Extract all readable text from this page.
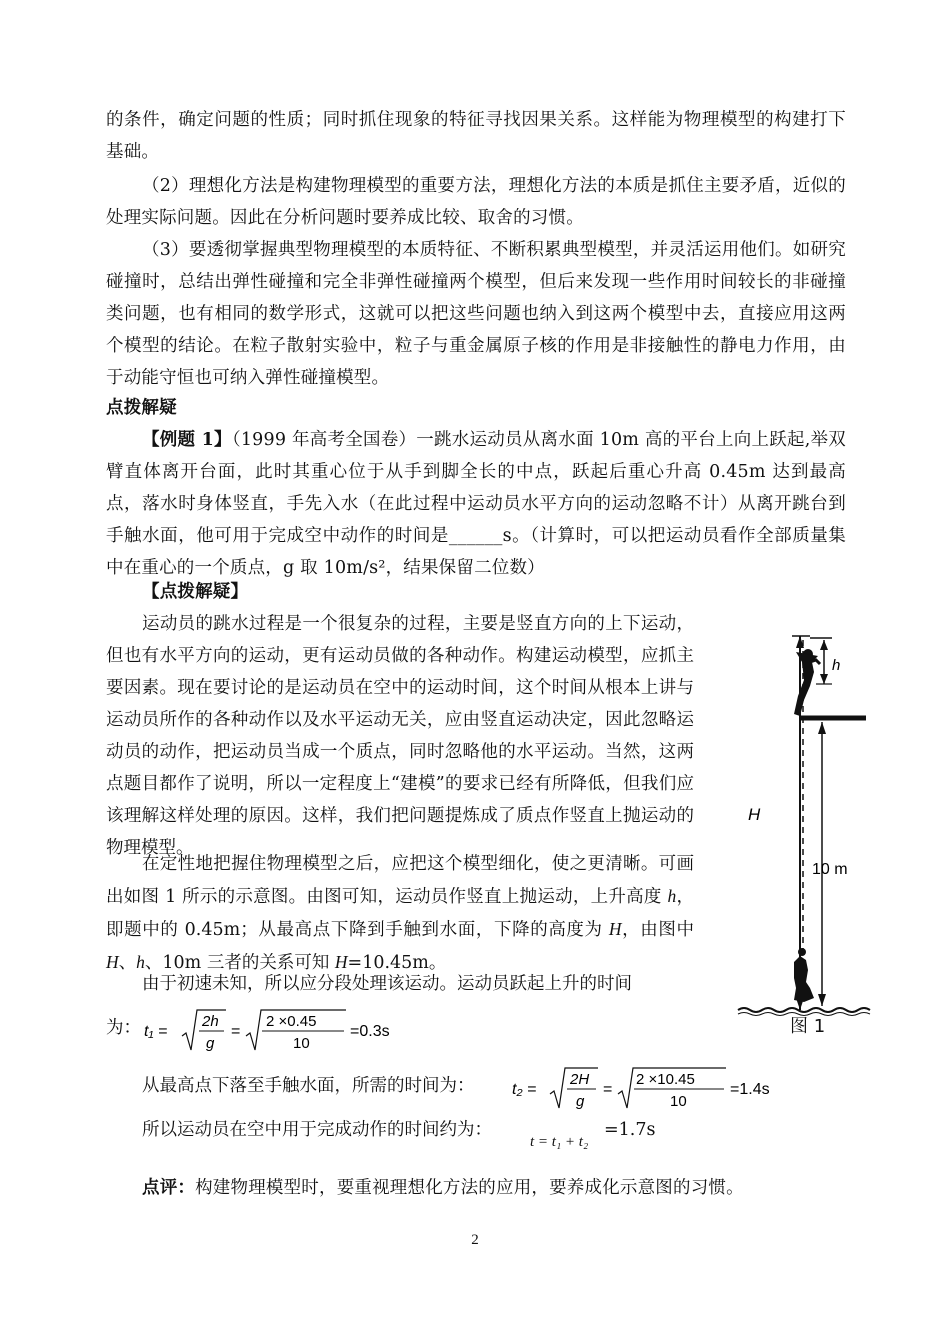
的条件，确定问题的性质；同时抓住现象的特征寻找因果关系。这样能为物理模型的构建打下基础。

（2）理想化方法是构建物理模型的重要方法，理想化方法的本质是抓住主要矛盾，近似的处理实际问题。因此在分析问题时要养成比较、取舍的习惯。

（3）要透彻掌握典型物理模型的本质特征、不断积累典型模型，并灵活运用他们。如研究碰撞时，总结出弹性碰撞和完全非弹性碰撞两个模型，但后来发现一些作用时间较长的非碰撞类问题，也有相同的数学形式，这就可以把这些问题也纳入到这两个模型中去，直接应用这两个模型的结论。在粒子散射实验中，粒子与重金属原子核的作用是非接触性的静电力作用，由于动能守恒也可纳入弹性碰撞模型。

点拨解疑

【例题 1】（1999 年高考全国卷）一跳水运动员从离水面 10m 高的平台上向上跃起,举双臂直体离开台面，此时其重心位于从手到脚全长的中点，跃起后重心升高 0.45m 达到最高点，落水时身体竖直，手先入水（在此过程中运动员水平方向的运动忽略不计）从离开跳台到手触水面，他可用于完成空中动作的时间是______s。（计算时，可以把运动员看作全部质量集中在重心的一个质点，g 取 10m/s²，结果保留二位数）

【点拨解疑】

运动员的跳水过程是一个很复杂的过程，主要是竖直方向的上下运动，但也有水平方向的运动，更有运动员做的各种动作。构建运动模型，应抓主要因素。现在要讨论的是运动员在空中的运动时间，这个时间从根本上讲与运动员所作的各种动作以及水平运动无关，应由竖直运动决定，因此忽略运动员的动作，把运动员当成一个质点，同时忽略他的水平运动。当然，这两点题目都作了说明，所以一定程度上“建模”的要求已经有所降低，但我们应该理解这样处理的原因。这样，我们把问题提炼成了质点作竖直上抛运动的物理模型。

在定性地把握住物理模型之后，应把这个模型细化，使之更清晰。可画出如图 1 所示的示意图。由图可知，运动员作竖直上抛运动，上升高度 h，即题中的 0.45m；从最高点下降到手触到水面，下降的高度为 H，由图中 H、h、10m 三者的关系可知 H=10.45m。

由于初速未知，所以应分段处理该运动。运动员跃起上升的时间

为： t₁ =
2h
g
=
2 ×0.45
10
=0.3s
从最高点下落至手触水面，所需的时间为： t₂ =
2H
g
=
2 ×10.45
10
=1.4s
所以运动员在空中用于完成动作的时间约为：
t = t₁ + t₂
=1.7s

点评：构建物理模型时，要重视理想化方法的应用，要养成化示意图的习惯。

H
h
10 m
图 1
2
